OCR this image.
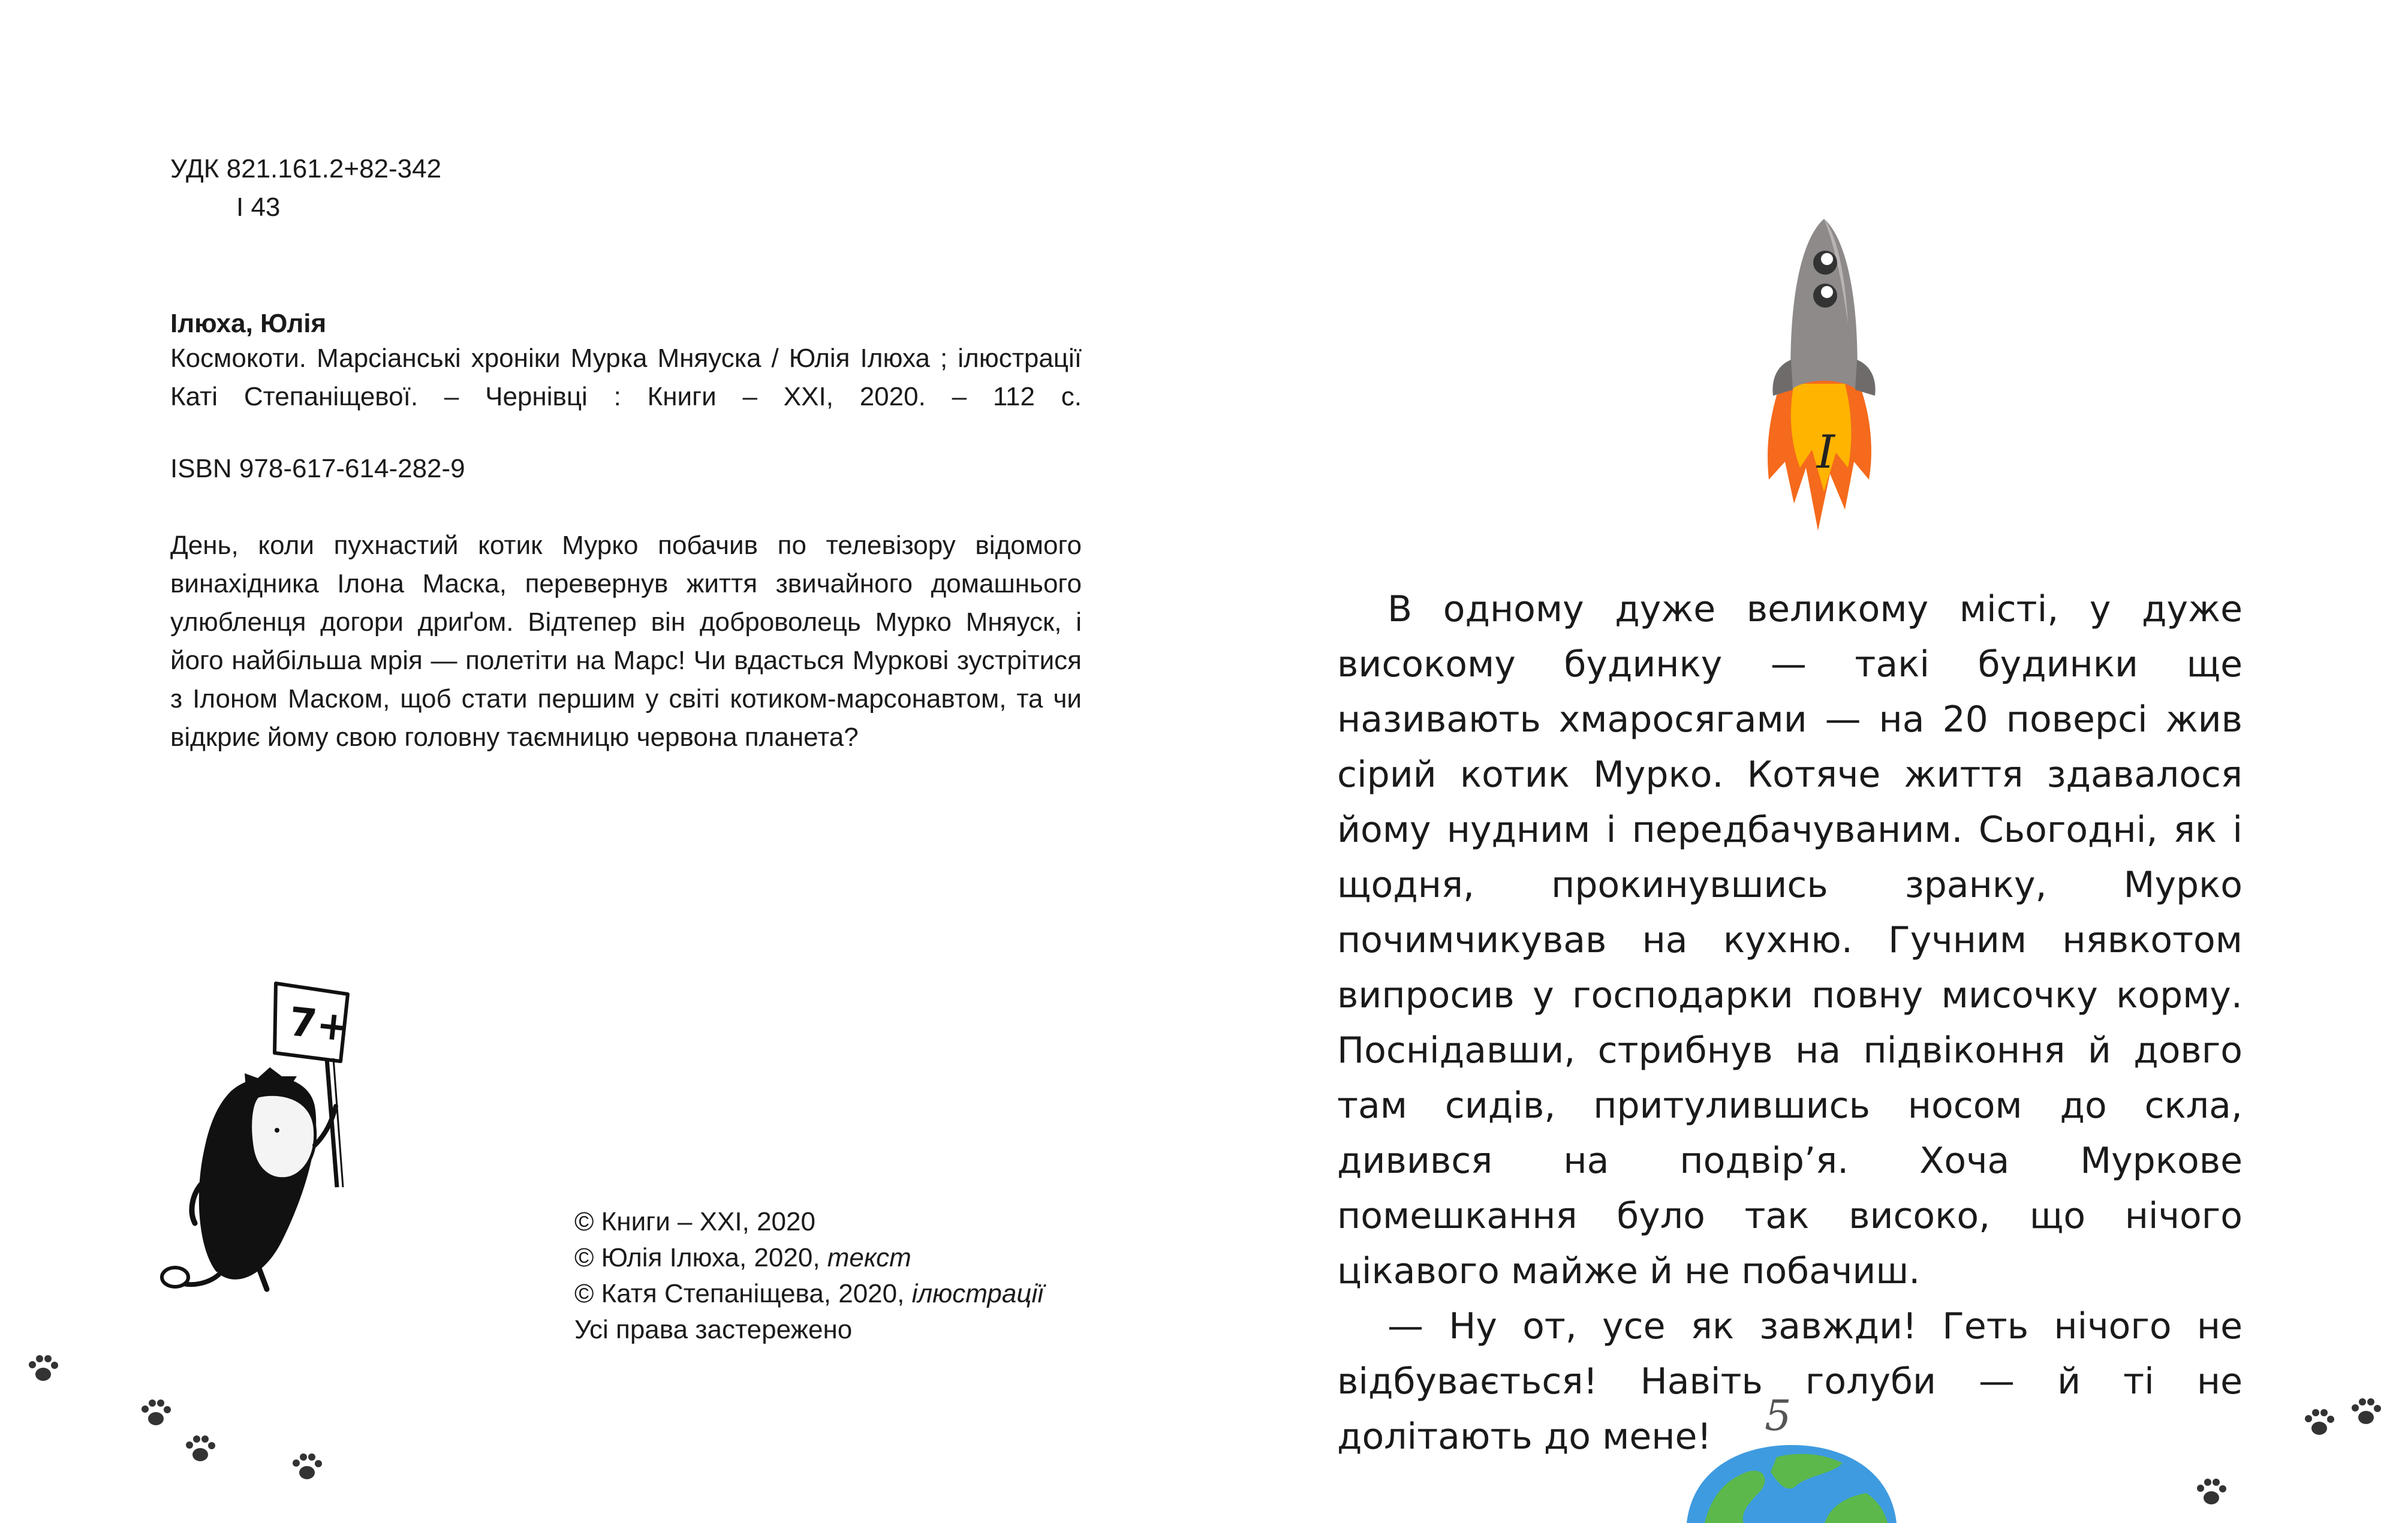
УДК 821.161.2+82-342
І 43
Ілюха, Юлія
Космокоти. Марсіанські хроніки Мурка Мняуска / Юлія Ілюха ; ілюстрації Каті Степаніщевої. – Чернівці : Книги – XXI, 2020. – 112 с.
ISBN 978-617-614-282-9
День, коли пухнастий котик Мурко побачив по телевізору відомого винахідника Ілона Маска, перевернув життя звичайного домашнього улюбленця догори дриґом. Відтепер він доброволець Мурко Мняуск, і його найбільша мрія — полетіти на Марс! Чи вдасться Муркові зустрітися з Ілоном Маском, щоб стати першим у світі котиком-марсонавтом, та чи відкриє йому свою головну таємницю червона планета?
7+
© Книги – XXI, 2020
© Юлія Ілюха, 2020, текст
© Катя Степаніщева, 2020, ілюстрації
Усі права застережено
I

В одному дуже великому місті, у дуже високому будинку — такі будинки ще називають хмаросягами — на 20 поверсі жив сірий котик Мурко. Котяче життя здавалося йому нудним і передбачуваним. Сьогодні, як і щодня, прокинувшись зранку, Мурко почимчикував на кухню. Гучним нявкотом випросив у господарки повну мисочку корму. Поснідавши, стрибнув на підвіконня й довго там сидів, притулившись носом до скла, дивився на подвір’я. Хоча Муркове помешкання було так високо, що нічого цікавого майже й не побачиш.

— Ну от, усе як завжди! Геть нічого не відбувається! Навіть голуби — й ті не долітають до мене!	5
